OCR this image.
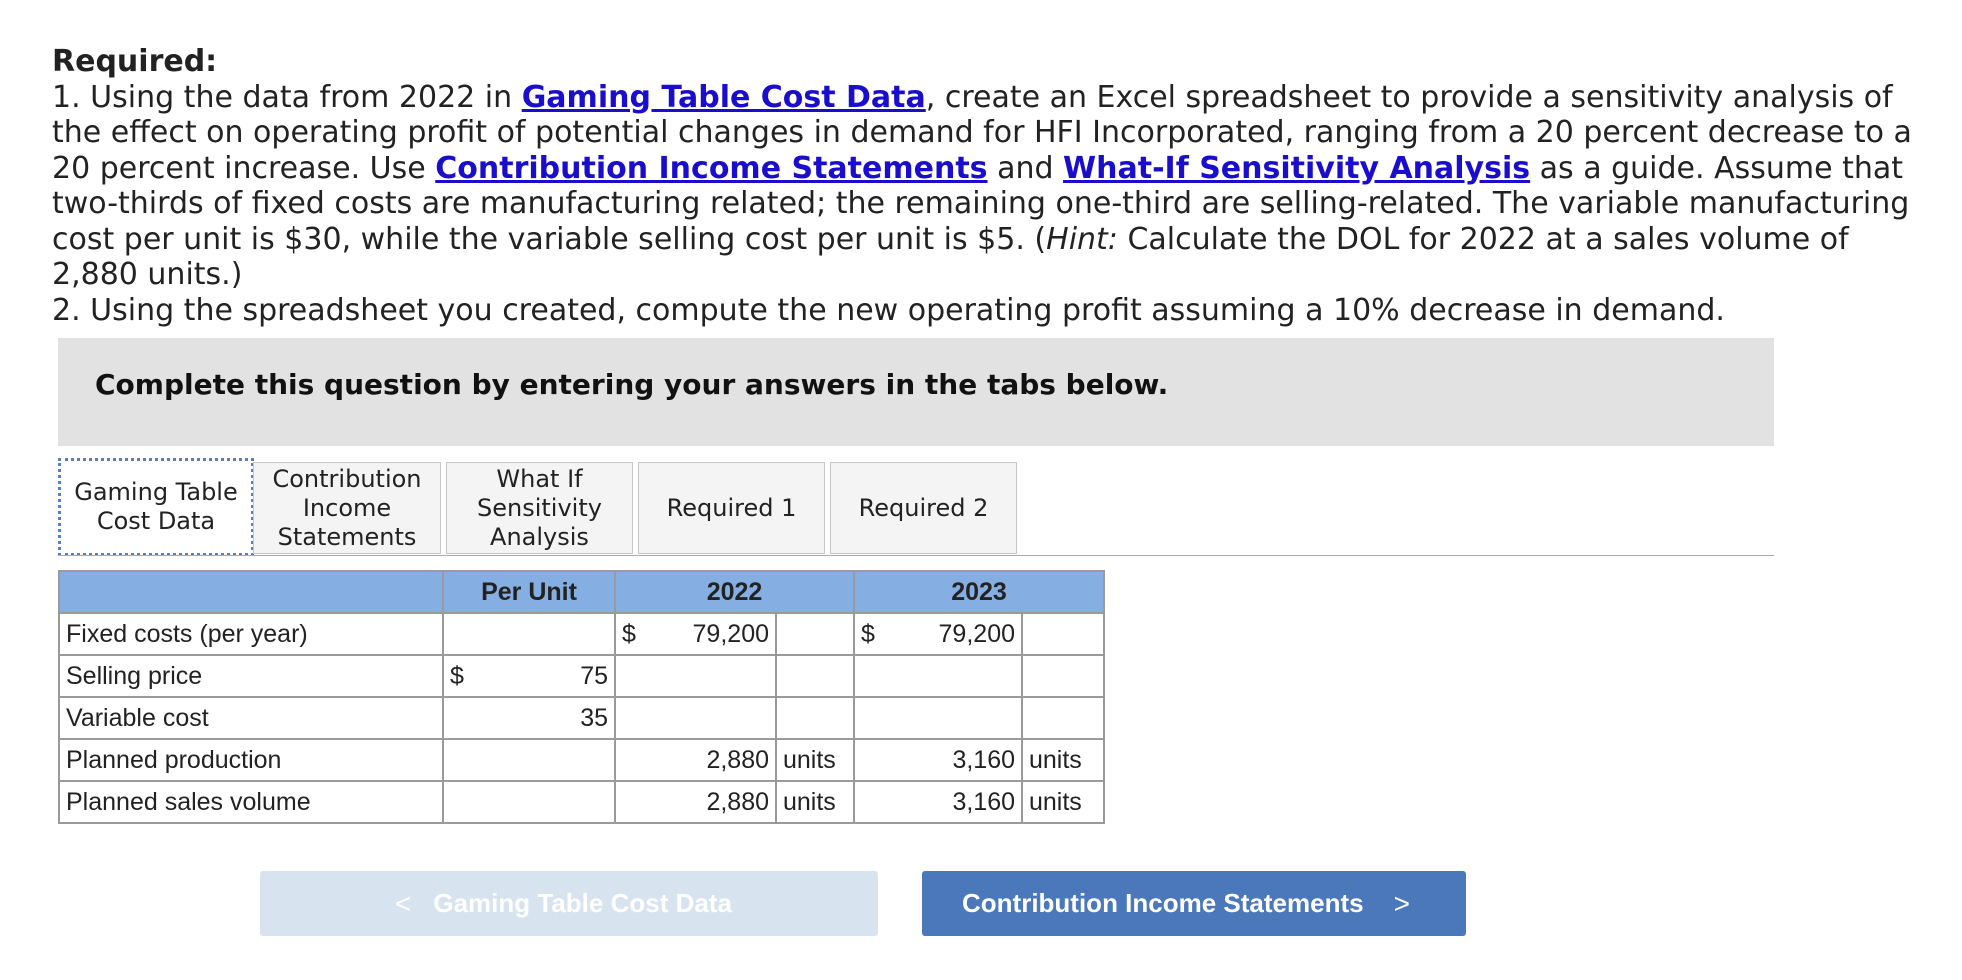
Required:
1. Using the data from 2022 in Gaming Table Cost Data, create an Excel spreadsheet to provide a sensitivity analysis of the effect on operating profit of potential changes in demand for HFI Incorporated, ranging from a 20 percent decrease to a 20 percent increase. Use Contribution Income Statements and What-If Sensitivity Analysis as a guide. Assume that two-thirds of fixed costs are manufacturing related; the remaining one-third are selling-related. The variable manufacturing cost per unit is $30, while the variable selling cost per unit is $5. (Hint: Calculate the DOL for 2022 at a sales volume of 2,880 units.)
2. Using the spreadsheet you created, compute the new operating profit assuming a 10% decrease in demand.
Complete this question by entering your answers in the tabs below.
Gaming Table
Cost Data
Contribution
Income
Statements
What If
Sensitivity
Analysis
Required 1	Required 2
	Per Unit		2022			2023		
Fixed costs (per year)			$	79,200		$	79,200	
Selling price	$	75						
Variable cost		35						
Planned production				2,880	units		3,160	units
Planned sales volume				2,880	units		3,160	units
< Gaming Table Cost Data	Contribution Income Statements >
